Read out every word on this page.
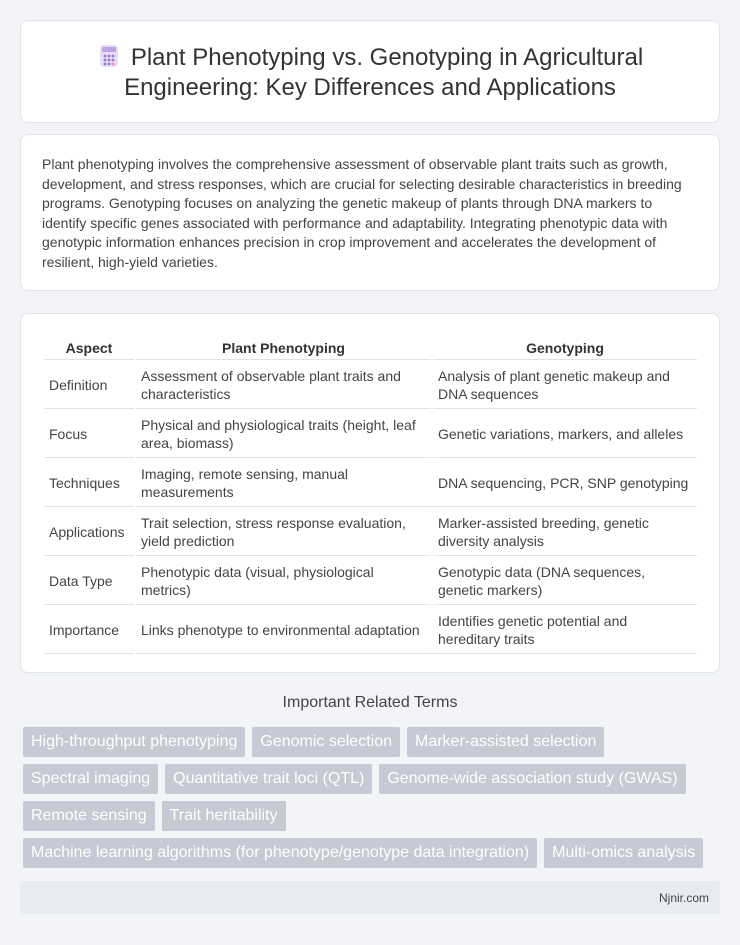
Plant Phenotyping vs. Genotyping in Agricultural Engineering: Key Differences and Applications

Plant phenotyping involves the comprehensive assessment of observable plant traits such as growth, development, and stress responses, which are crucial for selecting desirable characteristics in breeding programs. Genotyping focuses on analyzing the genetic makeup of plants through DNA markers to identify specific genes associated with performance and adaptability. Integrating phenotypic data with genotypic information enhances precision in crop improvement and accelerates the development of resilient, high-yield varieties.

Aspect	Plant Phenotyping	Genotyping
Definition	Assessment of observable plant traits and characteristics	Analysis of plant genetic makeup and DNA sequences
Focus	Physical and physiological traits (height, leaf area, biomass)	Genetic variations, markers, and alleles
Techniques	Imaging, remote sensing, manual measurements	DNA sequencing, PCR, SNP genotyping
Applications	Trait selection, stress response evaluation, yield prediction	Marker-assisted breeding, genetic diversity analysis
Data Type	Phenotypic data (visual, physiological metrics)	Genotypic data (DNA sequences, genetic markers)
Importance	Links phenotype to environmental adaptation	Identifies genetic potential and hereditary traits
Important Related Terms
High-throughput phenotyping	Genomic selection	Marker-assisted selection
Spectral imaging	Quantitative trait loci (QTL)	Genome-wide association study (GWAS)
Remote sensing	Trait heritability
Machine learning algorithms (for phenotype/genotype data integration)	Multi-omics analysis
Njnir.com
